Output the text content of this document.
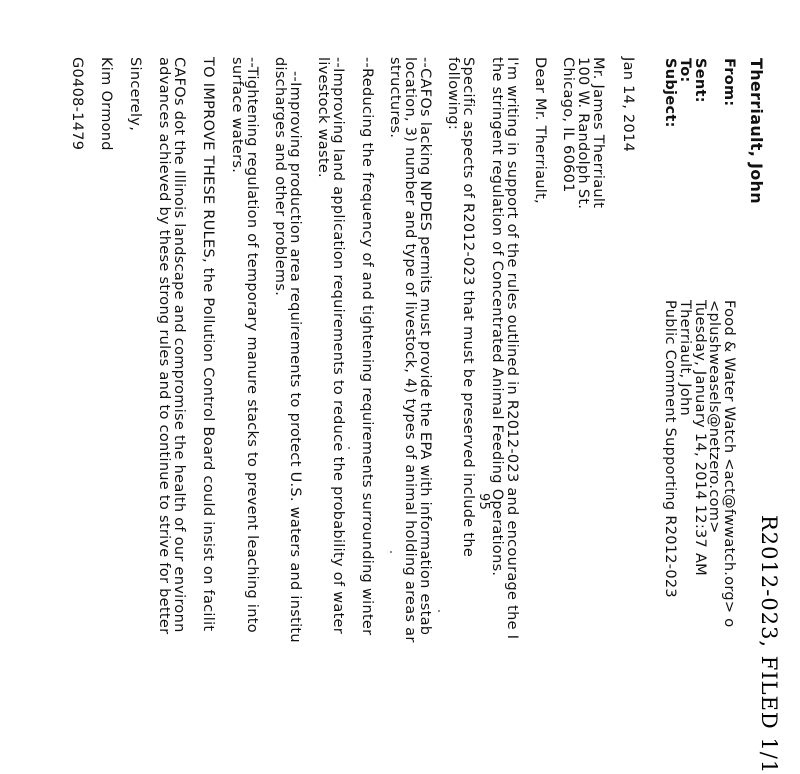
R2012-023, FILED 1/1
Therriault, John
From:
Food & Water Watch <act@fwwatch.org> o
<plushweasels@netzero.com>
Sent:
Tuesday, January 14, 2014 12:37 AM
To:
Therriault, John
Subject:
Public Comment Supporting R2012-023
Jan 14, 2014
Mr. James Therriault
100 W. Randolph St.
Chicago, IL 60601
Dear Mr. Therriault,
I'm writing in support of the rules outlined in R2012-023 and encourage the I
the stringent regulation of Concentrated Animal Feeding Operations.
Specific aspects of R2012-023 that must be preserved include the
following:
--CAFOs lacking NPDES permits must provide the EPA with information estab
location, 3) number and type of livestock, 4) types of animal holding areas ar
structures.
--Reducing the frequency of and tightening requirements surrounding winter
--Improving land application requirements to reduce the probability of water
livestock waste.
--Improving production area requirements to protect U.S. waters and institu
discharges and other problems.
--Tightening regulation of temporary manure stacks to prevent leaching into
surface waters.
TO IMPROVE THESE RULES, the Pollution Control Board could insist on facilit
CAFOs dot the Illinois landscape and compromise the health of our environn
advances achieved by these strong rules and to continue to strive for better
Sincerely,
Kim Ormond
G0408-1479
95
